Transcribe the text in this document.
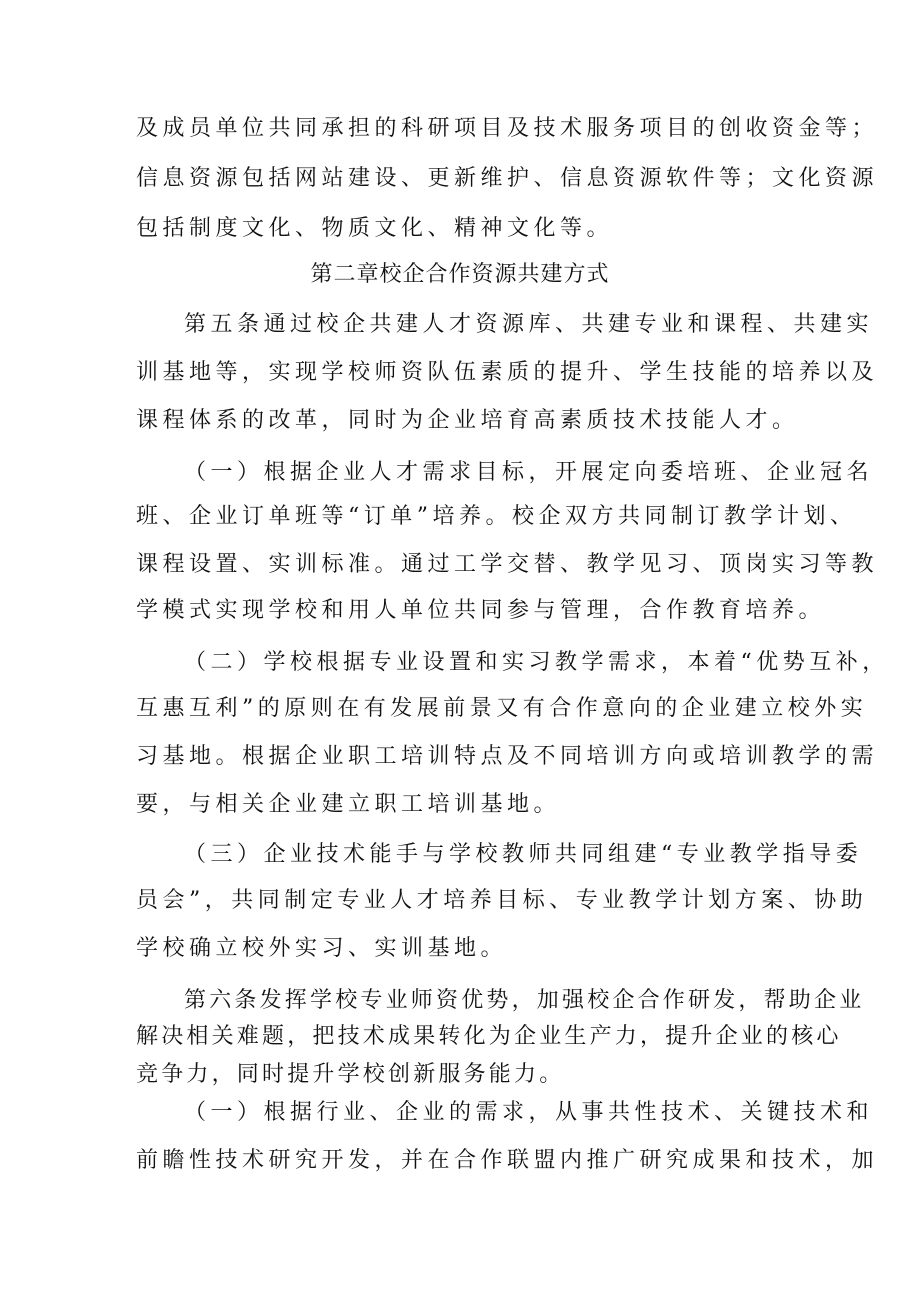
及成员单位共同承担的科研项目及技术服务项目的创收资金等；
信息资源包括网站建设、更新维护、信息资源软件等；文化资源
包括制度文化、物质文化、精神文化等。
第二章校企合作资源共建方式
第五条通过校企共建人才资源库、共建专业和课程、共建实
训基地等，实现学校师资队伍素质的提升、学生技能的培养以及
课程体系的改革，同时为企业培育高素质技术技能人才。
（一）根据企业人才需求目标，开展定向委培班、企业冠名
班、企业订单班等“订单”培养。校企双方共同制订教学计划、
课程设置、实训标准。通过工学交替、教学见习、顶岗实习等教
学模式实现学校和用人单位共同参与管理，合作教育培养。
（二）学校根据专业设置和实习教学需求，本着“优势互补，
互惠互利”的原则在有发展前景又有合作意向的企业建立校外实
习基地。根据企业职工培训特点及不同培训方向或培训教学的需
要，与相关企业建立职工培训基地。
（三）企业技术能手与学校教师共同组建“专业教学指导委
员会”，共同制定专业人才培养目标、专业教学计划方案、协助
学校确立校外实习、实训基地。
第六条发挥学校专业师资优势，加强校企合作研发，帮助企业
解决相关难题，把技术成果转化为企业生产力，提升企业的核心
竞争力，同时提升学校创新服务能力。
（一）根据行业、企业的需求，从事共性技术、关键技术和
前瞻性技术研究开发，并在合作联盟内推广研究成果和技术，加
